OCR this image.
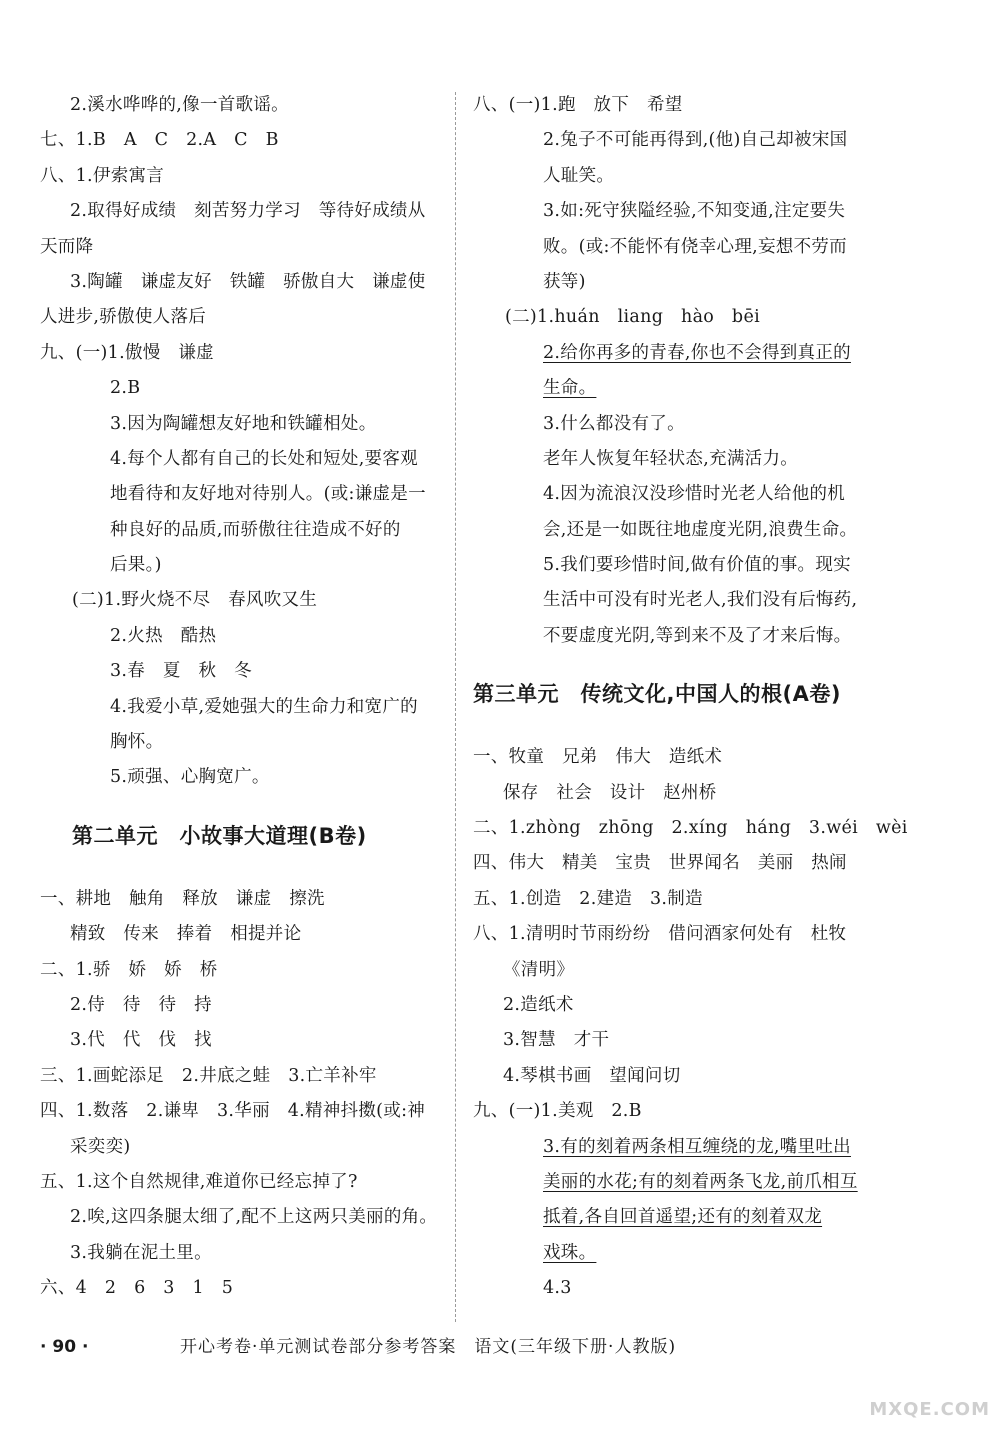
2.溪水哗哗的,像一首歌谣。
七、1.B　A　C　2.A　C　B
八、1.伊索寓言
2.取得好成绩　刻苦努力学习　等待好成绩从
天而降
3.陶罐　谦虚友好　铁罐　骄傲自大　谦虚使
人进步,骄傲使人落后
九、(一)1.傲慢　谦虚
2.B
3.因为陶罐想友好地和铁罐相处。
4.每个人都有自己的长处和短处,要客观
地看待和友好地对待别人。(或:谦虚是一
种良好的品质,而骄傲往往造成不好的
后果。)
(二)1.野火烧不尽　春风吹又生
2.火热　酷热
3.春　夏　秋　冬
4.我爱小草,爱她强大的生命力和宽广的
胸怀。
5.顽强、心胸宽广。
第二单元　小故事大道理(B卷)
一、耕地　触角　释放　谦虚　擦洗
精致　传来　捧着　相提并论
二、1.骄　娇　娇　桥
2.侍　待　待　持
3.代　代　伐　找
三、1.画蛇添足　2.井底之蛙　3.亡羊补牢
四、1.数落　2.谦卑　3.华丽　4.精神抖擞(或:神
采奕奕)
五、1.这个自然规律,难道你已经忘掉了?
2.唉,这四条腿太细了,配不上这两只美丽的角。
3.我躺在泥土里。
六、4　2　6　3　1　5
八、(一)1.跑　放下　希望
2.兔子不可能再得到,(他)自己却被宋国
人耻笑。
3.如:死守狭隘经验,不知变通,注定要失
败。(或:不能怀有侥幸心理,妄想不劳而
获等)
(二)1.huán　liang　hào　bēi
2.给你再多的青春,你也不会得到真正的
生命。
3.什么都没有了。
老年人恢复年轻状态,充满活力。
4.因为流浪汉没珍惜时光老人给他的机
会,还是一如既往地虚度光阴,浪费生命。
5.我们要珍惜时间,做有价值的事。现实
生活中可没有时光老人,我们没有后悔药,
不要虚度光阴,等到来不及了才来后悔。
第三单元　传统文化,中国人的根(A卷)
一、牧童　兄弟　伟大　造纸术
保存　社会　设计　赵州桥
二、1.zhòng　zhōng　2.xíng　háng　3.wéi　wèi
四、伟大　精美　宝贵　世界闻名　美丽　热闹
五、1.创造　2.建造　3.制造
八、1.清明时节雨纷纷　借问酒家何处有　杜牧
《清明》
2.造纸术
3.智慧　才干
4.琴棋书画　望闻问切
九、(一)1.美观　2.B
3.有的刻着两条相互缠绕的龙,嘴里吐出
美丽的水花;有的刻着两条飞龙,前爪相互
抵着,各自回首遥望;还有的刻着双龙
戏珠。
4.3
· 90 ·	开心考卷·单元测试卷部分参考答案　语文(三年级下册·人教版)
MXQE.COM
